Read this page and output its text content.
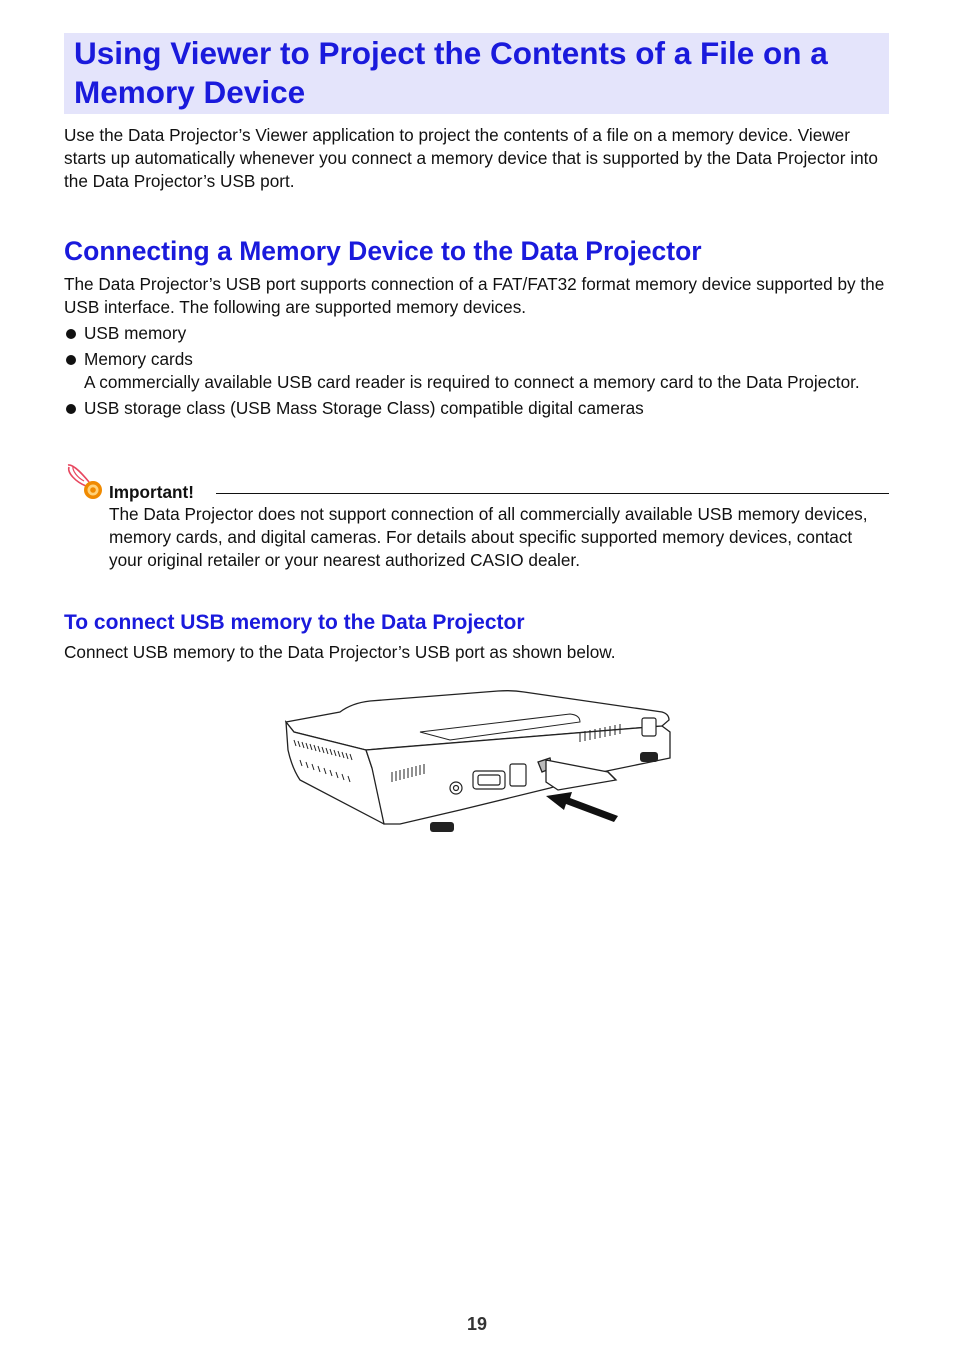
Using Viewer to Project the Contents of a File on a Memory Device

Use the Data Projector’s Viewer application to project the contents of a file on a memory device. Viewer starts up automatically whenever you connect a memory device that is supported by the Data Projector into the Data Projector’s USB port.

Connecting a Memory Device to the Data Projector

The Data Projector’s USB port supports connection of a FAT/FAT32 format memory device supported by the USB interface. The following are supported memory devices.

USB memory
Memory cards
A commercially available USB card reader is required to connect a memory card to the Data Projector.
USB storage class (USB Mass Storage Class) compatible digital cameras
Important!

The Data Projector does not support connection of all commercially available USB memory devices, memory cards, and digital cameras. For details about specific supported memory devices, contact your original retailer or your nearest authorized CASIO dealer.

To connect USB memory to the Data Projector

Connect USB memory to the Data Projector’s USB port as shown below.

19
